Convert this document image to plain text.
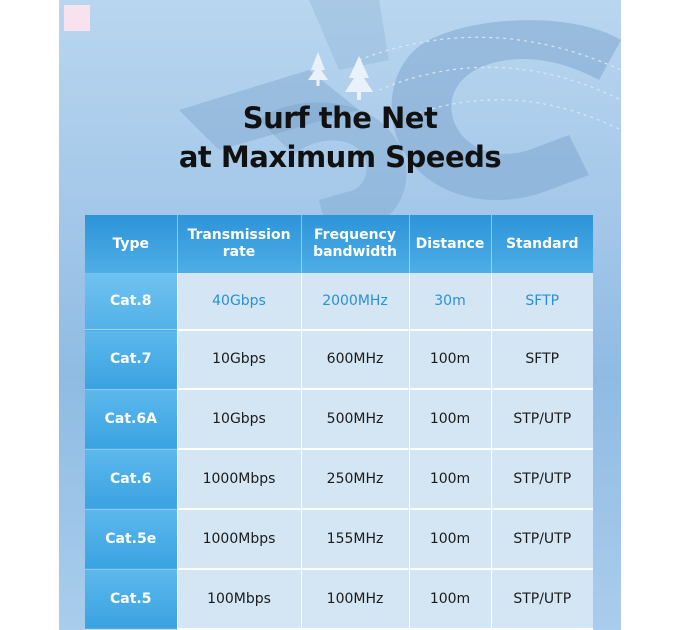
Surf the Net
at Maximum Speeds
Type	Transmission rate	Frequency bandwidth	Distance	Standard
Cat.8	40Gbps	2000MHz	30m	SFTP
Cat.7	10Gbps	600MHz	100m	SFTP
Cat.6A	10Gbps	500MHz	100m	STP/UTP
Cat.6	1000Mbps	250MHz	100m	STP/UTP
Cat.5e	1000Mbps	155MHz	100m	STP/UTP
Cat.5	100Mbps	100MHz	100m	STP/UTP
